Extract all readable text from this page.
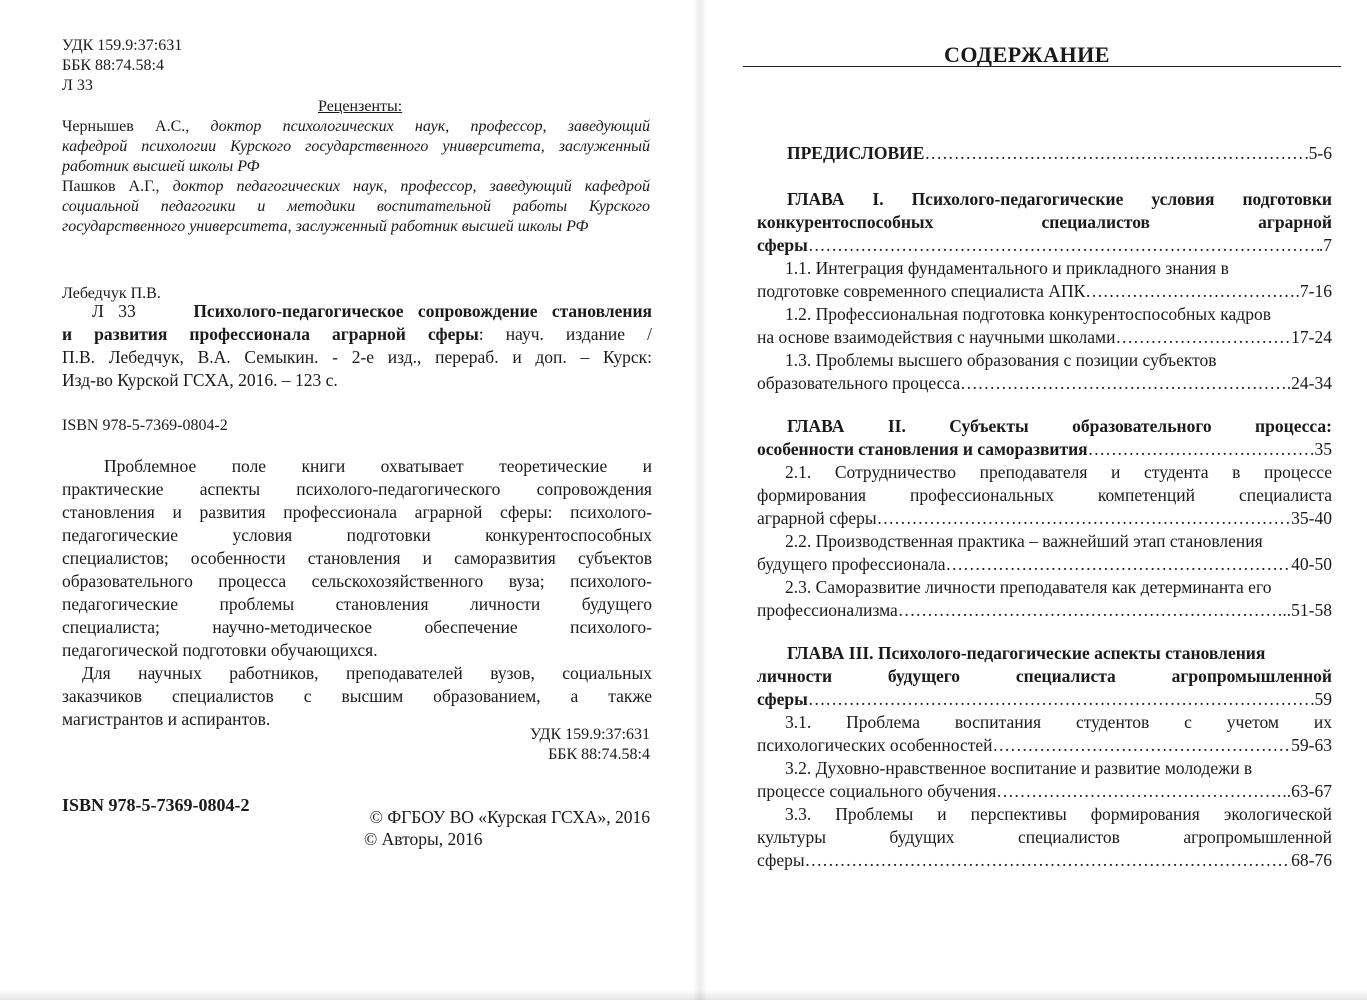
УДК 159.9:37:631
ББК 88:74.58:4
Л 33
Рецензенты:
Чернышев А.С., доктор психологических наук, профессор, заведующий
кафедрой психологии Курского государственного университета, заслуженный
работник высшей школы РФ
Пашков А.Г., доктор педагогических наук, профессор, заведующий кафедрой
социальной педагогики и методики воспитательной работы Курского
государственного университета, заслуженный работник высшей школы РФ
Лебедчук П.В.
Л 33	Психолого-педагогическое сопровождение становления
и развития профессионала аграрной сферы: науч. издание /
П.В. Лебедчук, В.А. Семыкин. - 2-е изд., перераб. и доп. – Курск:
Изд-во Курской ГСХА, 2016. – 123 с.
ISBN 978-5-7369-0804-2
Проблемное поле книги охватывает теоретические и
практические аспекты психолого-педагогического сопровождения
становления и развития профессионала аграрной сферы: психолого-
педагогические условия подготовки конкурентоспособных
специалистов; особенности становления и саморазвития субъектов
образовательного процесса сельскохозяйственного вуза; психолого-
педагогические проблемы становления личности будущего
специалиста; научно-методическое обеспечение психолого-
педагогической подготовки обучающихся.
Для научных работников, преподавателей вузов, социальных
заказчиков специалистов с высшим образованием, а также
магистрантов и аспирантов.
УДК 159.9:37:631
ББК 88:74.58:4
ISBN 978-5-7369-0804-2
© ФГБОУ ВО «Курская ГСХА», 2016
© Авторы, 2016
СОДЕРЖАНИЕ
ПРЕДИСЛОВИЕ ………………………………………………………………………………………………………………………………………………………………………………	5-6
ГЛАВА I. Психолого-педагогические условия подготовки
конкурентоспособных специалистов аграрной
сферы ………………………………………………………………………………………………………………………………………………………………………………	.7
1.1. Интеграция фундаментального и прикладного знания в
подготовке современного специалиста АПК ………………………………………………………………………………………………………………………………………………………………………………	.7-16
1.2. Профессиональная подготовка конкурентоспособных кадров
на основе взаимодействия с научными школами ………………………………………………………………………………………………………………………………………………………………………………	17-24
1.3. Проблемы высшего образования с позиции субъектов
образовательного процесса ………………………………………………………………………………………………………………………………………………………………………………	.24-34
ГЛАВА II. Субъекты образовательного процесса:
особенности становления и саморазвития ………………………………………………………………………………………………………………………………………………………………………………	35
2.1. Сотрудничество преподавателя и студента в процессе
формирования профессиональных компетенций специалиста
аграрной сферы ………………………………………………………………………………………………………………………………………………………………………………	35-40
2.2. Производственная практика – важнейший этап становления
будущего профессионала ………………………………………………………………………………………………………………………………………………………………………………	40-50
2.3. Саморазвитие личности преподавателя как детерминанта его
профессионализма ………………………………………………………………………………………………………………………………………………………………………………	..51-58
ГЛАВА III. Психолого-педагогические аспекты становления
личности будущего специалиста агропромышленной
сферы ………………………………………………………………………………………………………………………………………………………………………………	59
3.1. Проблема воспитания студентов с учетом их
психологических особенностей ………………………………………………………………………………………………………………………………………………………………………………	59-63
3.2. Духовно-нравственное воспитание и развитие молодежи в
процессе социального обучения ………………………………………………………………………………………………………………………………………………………………………………	..63-67
3.3. Проблемы и перспективы формирования экологической
культуры будущих специалистов агропромышленной
сферы ………………………………………………………………………………………………………………………………………………………………………………	68-76
